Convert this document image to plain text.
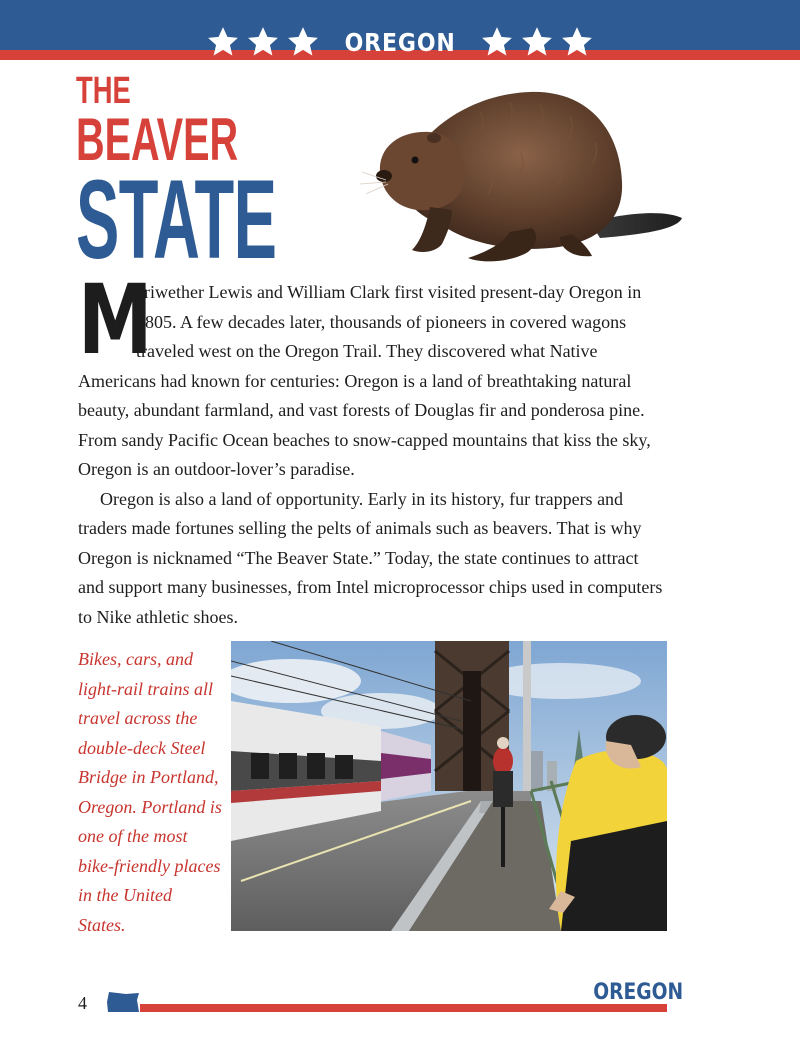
OREGON
THE
BEAVER
STATE

M
eriwether Lewis and William Clark first visited present-day Oregon in 1805. A few decades later, thousands of pioneers in covered wagons traveled west on the Oregon Trail. They discovered what Native Americans had known for centuries: Oregon is a land of breathtaking natural beauty, abundant farmland, and vast forests of Douglas fir and ponderosa pine. From sandy Pacific Ocean beaches to snow-capped mountains that kiss the sky, Oregon is an outdoor-lover’s paradise.

Oregon is also a land of opportunity. Early in its history, fur trappers and traders made fortunes selling the pelts of animals such as beavers. That is why Oregon is nicknamed “The Beaver State.” Today, the state continues to attract and support many businesses, from Intel microprocessor chips used in computers to Nike athletic shoes.

Bikes, cars, and light-rail trains all travel across the double-deck Steel Bridge in Portland, Oregon. Portland is one of the most bike-friendly places in the United States.
4	OREGON
